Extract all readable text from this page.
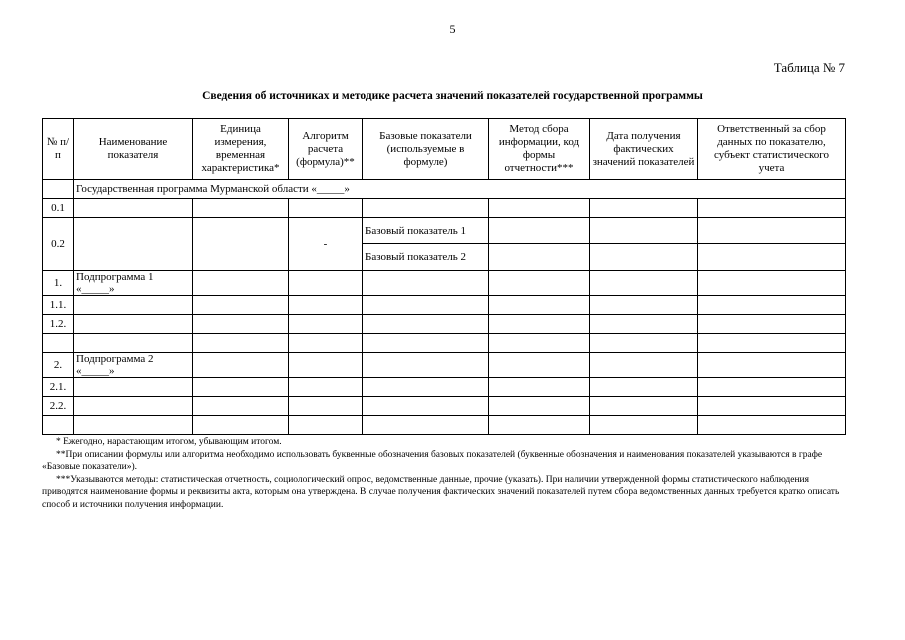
5
Таблица № 7
Сведения об источниках и методике расчета значений показателей государственной программы
№ п/п	Наименование показателя	Единица измерения, временная характеристика*	Алгоритм расчета (формула)**	Базовые показатели (используемые в формуле)	Метод сбора информации, код формы отчетности***	Дата получения фактических значений показателей	Ответственный за сбор данных по показателю, субъект статистического учета
	Государственная программа Мурманской области «_____»						
0.1							
0.2			-	Базовый показатель 1			
				Базовый показатель 2			
1.	Подпрограмма 1 «_____»						
1.1.							
1.2.							

2.	Подпрограмма 2 «_____»						
2.1.							
2.2.							

* Ежегодно, нарастающим итогом, убывающим итогом.

**При описании формулы или алгоритма необходимо использовать буквенные обозначения базовых показателей (буквенные обозначения и наименования показателей указываются в графе «Базовые показатели»).

***Указываются методы: статистическая отчетность, социологический опрос, ведомственные данные, прочие (указать). При наличии утвержденной формы статистического наблюдения приводятся наименование формы и реквизиты акта, которым она утверждена. В случае получения фактических значений показателей путем сбора ведомственных данных требуется кратко описать способ и источники получения информации.
